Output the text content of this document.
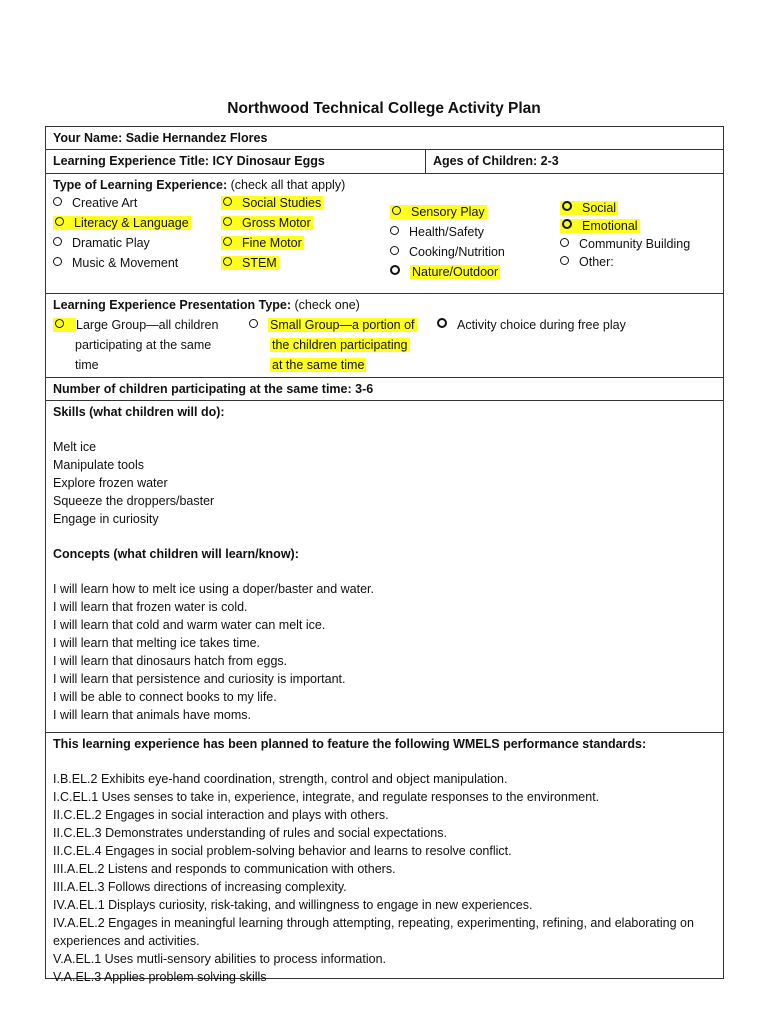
Northwood Technical College Activity Plan
Your Name: Sadie Hernandez Flores
Learning Experience Title: ICY Dinosaur Eggs	Ages of Children: 2-3
Type of Learning Experience: (check all that apply)
Creative Art
Literacy & Language
Dramatic Play
Music & Movement
Social Studies
Gross Motor
Fine Motor
STEM
Sensory Play
Health/Safety
Cooking/Nutrition
Nature/Outdoor
Social
Emotional
Community Building
Other:
Learning Experience Presentation Type: (check one)
Large Group—all children
participating at the same
time
Small Group—a portion of
the children participating
at the same time
Activity choice during free play
Number of children participating at the same time: 3-6
Skills (what children will do):
Melt ice
Manipulate tools
Explore frozen water
Squeeze the droppers/baster
Engage in curiosity
Concepts (what children will learn/know):
I will learn how to melt ice using a doper/baster and water.
I will learn that frozen water is cold.
I will learn that cold and warm water can melt ice.
I will learn that melting ice takes time.
I will learn that dinosaurs hatch from eggs.
I will learn that persistence and curiosity is important.
I will be able to connect books to my life.
I will learn that animals have moms.
This learning experience has been planned to feature the following WMELS performance standards:
I.B.EL.2 Exhibits eye-hand coordination, strength, control and object manipulation.
I.C.EL.1 Uses senses to take in, experience, integrate, and regulate responses to the environment.
II.C.EL.2 Engages in social interaction and plays with others.
II.C.EL.3 Demonstrates understanding of rules and social expectations.
II.C.EL.4 Engages in social problem-solving behavior and learns to resolve conflict.
III.A.EL.2 Listens and responds to communication with others.
III.A.EL.3 Follows directions of increasing complexity.
IV.A.EL.1 Displays curiosity, risk-taking, and willingness to engage in new experiences.
IV.A.EL.2 Engages in meaningful learning through attempting, repeating, experimenting, refining, and elaborating on
experiences and activities.
V.A.EL.1 Uses mutli-sensory abilities to process information.
V.A.EL.3 Applies problem solving skills
